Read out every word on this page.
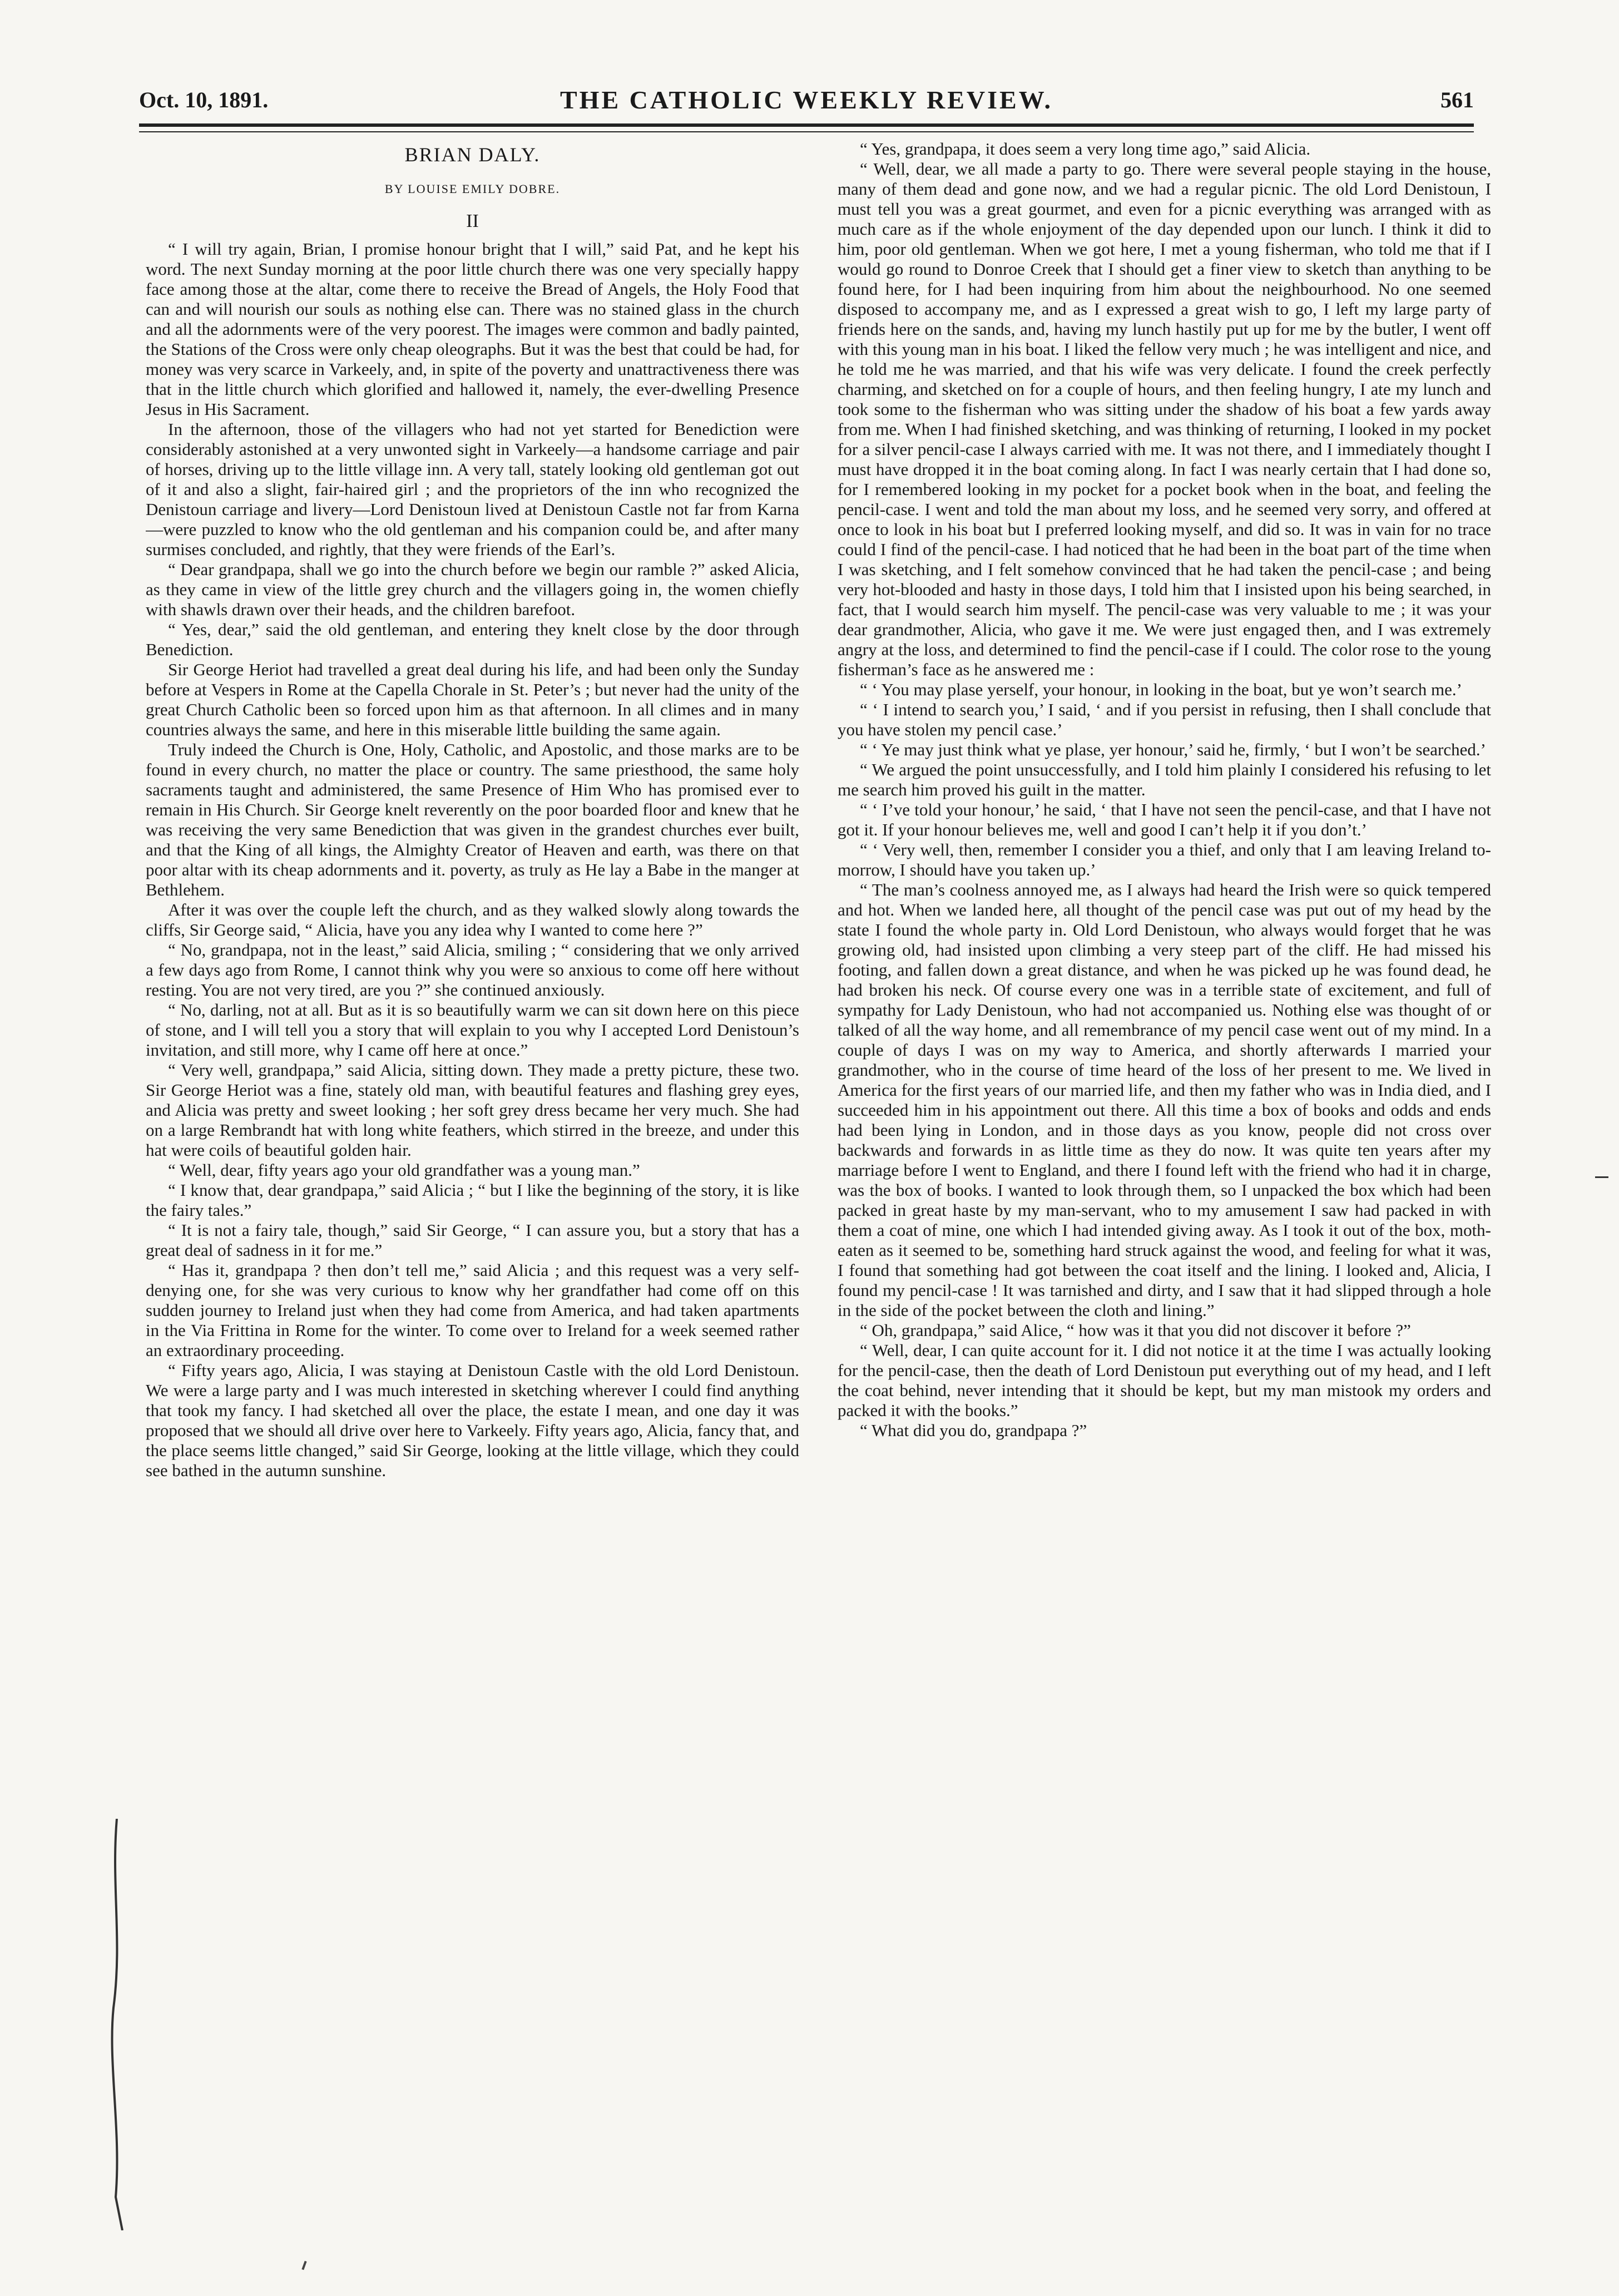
THE CATHOLIC WEEKLY REVIEW.
Oct. 10, 1891.	561
BRIAN DALY.
BY LOUISE EMILY DOBRE.
II

“ I will try again, Brian, I promise honour bright that I will,” said Pat, and he kept his word. The next Sunday morning at the poor little church there was one very specially happy face among those at the altar, come there to receive the Bread of Angels, the Holy Food that can and will nourish our souls as nothing else can. There was no stained glass in the church and all the adornments were of the very poorest. The images were common and badly painted, the Stations of the Cross were only cheap oleographs. But it was the best that could be had, for money was very scarce in Varkeely, and, in spite of the poverty and unattractiveness there was that in the little church which glorified and hallowed it, namely, the ever-dwelling Presence Jesus in His Sacrament.

In the afternoon, those of the villagers who had not yet started for Benediction were considerably astonished at a very unwonted sight in Varkeely—a handsome carriage and pair of horses, driving up to the little village inn. A very tall, stately looking old gentleman got out of it and also a slight, fair-haired girl ; and the proprietors of the inn who recognized the Denistoun carriage and livery—Lord Denistoun lived at Denistoun Castle not far from Karna—were puzzled to know who the old gentleman and his companion could be, and after many surmises concluded, and rightly, that they were friends of the Earl’s.

“ Dear grandpapa, shall we go into the church before we begin our ramble ?” asked Alicia, as they came in view of the little grey church and the villagers going in, the women chiefly with shawls drawn over their heads, and the children barefoot.

“ Yes, dear,” said the old gentleman, and entering they knelt close by the door through Benediction.

Sir George Heriot had travelled a great deal during his life, and had been only the Sunday before at Vespers in Rome at the Capella Chorale in St. Peter’s ; but never had the unity of the great Church Catholic been so forced upon him as that afternoon. In all climes and in many countries always the same, and here in this miserable little building the same again.

Truly indeed the Church is One, Holy, Catholic, and Apostolic, and those marks are to be found in every church, no matter the place or country. The same priesthood, the same holy sacraments taught and administered, the same Presence of Him Who has promised ever to remain in His Church. Sir George knelt reverently on the poor boarded floor and knew that he was receiving the very same Benediction that was given in the grandest churches ever built, and that the King of all kings, the Almighty Creator of Heaven and earth, was there on that poor altar with its cheap adornments and it. poverty, as truly as He lay a Babe in the manger at Bethlehem.

After it was over the couple left the church, and as they walked slowly along towards the cliffs, Sir George said, “ Alicia, have you any idea why I wanted to come here ?”

“ No, grandpapa, not in the least,” said Alicia, smiling ; “ considering that we only arrived a few days ago from Rome, I cannot think why you were so anxious to come off here without resting. You are not very tired, are you ?” she continued anxiously.

“ No, darling, not at all. But as it is so beautifully warm we can sit down here on this piece of stone, and I will tell you a story that will explain to you why I accepted Lord Denistoun’s invitation, and still more, why I came off here at once.”

“ Very well, grandpapa,” said Alicia, sitting down. They made a pretty picture, these two. Sir George Heriot was a fine, stately old man, with beautiful features and flashing grey eyes, and Alicia was pretty and sweet looking ; her soft grey dress became her very much. She had on a large Rembrandt hat with long white feathers, which stirred in the breeze, and under this hat were coils of beautiful golden hair.

“ Well, dear, fifty years ago your old grandfather was a young man.”

“ I know that, dear grandpapa,” said Alicia ; “ but I like the beginning of the story, it is like the fairy tales.”

“ It is not a fairy tale, though,” said Sir George, “ I can assure you, but a story that has a great deal of sadness in it for me.”

“ Has it, grandpapa ? then don’t tell me,” said Alicia ; and this request was a very self-denying one, for she was very curious to know why her grandfather had come off on this sudden journey to Ireland just when they had come from America, and had taken apartments in the Via Frittina in Rome for the winter. To come over to Ireland for a week seemed rather an extraordinary proceeding.

“ Fifty years ago, Alicia, I was staying at Denistoun Castle with the old Lord Denistoun. We were a large party and I was much interested in sketching wherever I could find anything that took my fancy. I had sketched all over the place, the estate I mean, and one day it was proposed that we should all drive over here to Varkeely. Fifty years ago, Alicia, fancy that, and the place seems little changed,” said Sir George, looking at the little village, which they could see bathed in the autumn sunshine.

“ Yes, grandpapa, it does seem a very long time ago,” said Alicia.

“ Well, dear, we all made a party to go. There were several people staying in the house, many of them dead and gone now, and we had a regular picnic. The old Lord Denistoun, I must tell you was a great gourmet, and even for a picnic everything was arranged with as much care as if the whole enjoyment of the day depended upon our lunch. I think it did to him, poor old gentleman. When we got here, I met a young fisherman, who told me that if I would go round to Donroe Creek that I should get a finer view to sketch than anything to be found here, for I had been inquiring from him about the neighbourhood. No one seemed disposed to accompany me, and as I expressed a great wish to go, I left my large party of friends here on the sands, and, having my lunch hastily put up for me by the butler, I went off with this young man in his boat. I liked the fellow very much ; he was intelligent and nice, and he told me he was married, and that his wife was very delicate. I found the creek perfectly charming, and sketched on for a couple of hours, and then feeling hungry, I ate my lunch and took some to the fisherman who was sitting under the shadow of his boat a few yards away from me. When I had finished sketching, and was thinking of returning, I looked in my pocket for a silver pencil-case I always carried with me. It was not there, and I immediately thought I must have dropped it in the boat coming along. In fact I was nearly certain that I had done so, for I remembered looking in my pocket for a pocket book when in the boat, and feeling the pencil-case. I went and told the man about my loss, and he seemed very sorry, and offered at once to look in his boat but I preferred looking myself, and did so. It was in vain for no trace could I find of the pencil-case. I had noticed that he had been in the boat part of the time when I was sketching, and I felt somehow convinced that he had taken the pencil-case ; and being very hot-blooded and hasty in those days, I told him that I insisted upon his being searched, in fact, that I would search him myself. The pencil-case was very valuable to me ; it was your dear grandmother, Alicia, who gave it me. We were just engaged then, and I was extremely angry at the loss, and determined to find the pencil-case if I could. The color rose to the young fisherman’s face as he answered me :

“ ‘ You may plase yerself, your honour, in looking in the boat, but ye won’t search me.’

“ ‘ I intend to search you,’ I said, ‘ and if you persist in refusing, then I shall conclude that you have stolen my pencil case.’

“ ‘ Ye may just think what ye plase, yer honour,’ said he, firmly, ‘ but I won’t be searched.’

“ We argued the point unsuccessfully, and I told him plainly I considered his refusing to let me search him proved his guilt in the matter.

“ ‘ I’ve told your honour,’ he said, ‘ that I have not seen the pencil-case, and that I have not got it. If your honour believes me, well and good I can’t help it if you don’t.’

“ ‘ Very well, then, remember I consider you a thief, and only that I am leaving Ireland to-morrow, I should have you taken up.’

“ The man’s coolness annoyed me, as I always had heard the Irish were so quick tempered and hot. When we landed here, all thought of the pencil case was put out of my head by the state I found the whole party in. Old Lord Denistoun, who always would forget that he was growing old, had insisted upon climbing a very steep part of the cliff. He had missed his footing, and fallen down a great distance, and when he was picked up he was found dead, he had broken his neck. Of course every one was in a terrible state of excitement, and full of sympathy for Lady Denistoun, who had not accompanied us. Nothing else was thought of or talked of all the way home, and all remembrance of my pencil case went out of my mind. In a couple of days I was on my way to America, and shortly afterwards I married your grandmother, who in the course of time heard of the loss of her present to me. We lived in America for the first years of our married life, and then my father who was in India died, and I succeeded him in his appointment out there. All this time a box of books and odds and ends had been lying in London, and in those days as you know, people did not cross over backwards and forwards in as little time as they do now. It was quite ten years after my marriage before I went to England, and there I found left with the friend who had it in charge, was the box of books. I wanted to look through them, so I unpacked the box which had been packed in great haste by my man-servant, who to my amusement I saw had packed in with them a coat of mine, one which I had intended giving away. As I took it out of the box, moth-eaten as it seemed to be, something hard struck against the wood, and feeling for what it was, I found that something had got between the coat itself and the lining. I looked and, Alicia, I found my pencil-case ! It was tarnished and dirty, and I saw that it had slipped through a hole in the side of the pocket between the cloth and lining.”

“ Oh, grandpapa,” said Alice, “ how was it that you did not discover it before ?”

“ Well, dear, I can quite account for it. I did not notice it at the time I was actually looking for the pencil-case, then the death of Lord Denistoun put everything out of my head, and I left the coat behind, never intending that it should be kept, but my man mistook my orders and packed it with the books.”

“ What did you do, grandpapa ?”
